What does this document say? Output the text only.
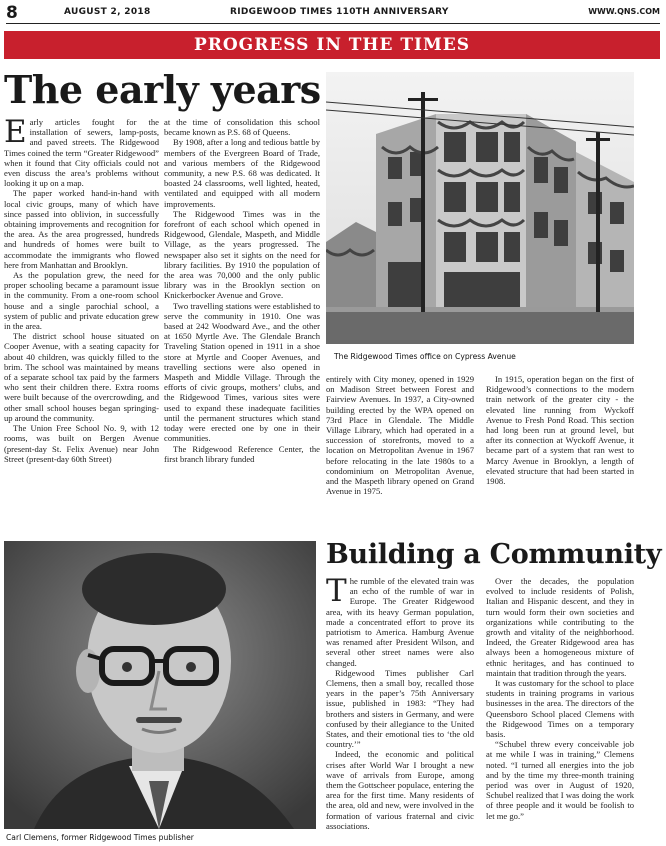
8	AUGUST 2, 2018	RIDGEWOOD TIMES 110TH ANNIVERSARY	WWW.QNS.COM
PROGRESS IN THE TIMES
The early years

Early articles fought for the installation of sewers, lamp-posts, and paved streets. The Ridgewood Times coined the term “Greater Ridgewood” when it found that City officials could not even discuss the area’s problems without looking it up on a map.

The paper worked hand-in-hand with local civic groups, many of which have since passed into oblivion, in successfully obtaining improvements and recognition for the area. As the area progressed, hundreds and hundreds of homes were built to accommodate the immigrants who flowed here from Manhattan and Brooklyn.

As the population grew, the need for proper schooling became a paramount issue in the community. From a one-room school house and a single parochial school, a system of public and private education grew in the area.

The district school house situated on Cooper Avenue, with a seating capacity for about 40 children, was quickly filled to the brim. The school was maintained by means of a separate school tax paid by the farmers who sent their children there. Extra rooms were built because of the overcrowding, and other small school houses began springing-up around the community.

The Union Free School No. 9, with 12 rooms, was built on Bergen Avenue (present-day St. Felix Avenue) near John Street (present-day 60th Street)

at the time of consolidation this school became known as P.S. 68 of Queens.

By 1908, after a long and tedious battle by members of the Evergreen Board of Trade, and various members of the Ridgewood community, a new P.S. 68 was dedicated. It boasted 24 classrooms, well lighted, heated, ventilated and equipped with all modern improvements.

The Ridgewood Times was in the forefront of each school which opened in Ridgewood, Glendale, Maspeth, and Middle Village, as the years progressed. The newspaper also set it sights on the need for library facilities. By 1910 the population of the area was 70,000 and the only public library was in the Brooklyn section on Knickerbocker Avenue and Grove.

Two travelling stations were established to serve the community in 1910. One was based at 242 Woodward Ave., and the other at 1650 Myrtle Ave. The Glendale Branch Traveling Station opened in 1911 in a shoe store at Myrtle and Cooper Avenues, and travelling sections were also opened in Maspeth and Middle Village. Through the efforts of civic groups, mothers’ clubs, and the Ridgewood Times, various sites were used to expand these inadequate facilities until the permanent structures which stand today were erected one by one in their communities.

The Ridgewood Reference Center, the first branch library funded

The Ridgewood Times office on Cypress Avenue

entirely with City money, opened in 1929 on Madison Street between Forest and Fairview Avenues. In 1937, a City-owned building erected by the WPA opened on 73rd Place in Glendale. The Middle Village Library, which had operated in a succession of storefronts, moved to a location on Metropolitan Avenue in 1967 before relocating in the late 1980s to a condominium on Metropolitan Avenue, and the Maspeth library opened on Grand Avenue in 1975.

In 1915, operation began on the first of Ridgewood’s connections to the modern train network of the greater city - the elevated line running from Wyckoff Avenue to Fresh Pond Road. This section had long been run at ground level, but after its connection at Wyckoff Avenue, it became part of a system that ran west to Marcy Avenue in Brooklyn, a length of elevated structure that had been started in 1908.

Carl Clemens, former Ridgewood Times publisher
Building a Community

The rumble of the elevated train was an echo of the rumble of war in Europe. The Greater Ridgewood area, with its heavy German population, made a concentrated effort to prove its patriotism to America. Hamburg Avenue was renamed after President Wilson, and several other street names were also changed.

Ridgewood Times publisher Carl Clemens, then a small boy, recalled those years in the paper’s 75th Anniversary issue, published in 1983: “They had brothers and sisters in Germany, and were confused by their allegiance to the United States, and their emotional ties to ‘the old country.’”

Indeed, the economic and political crises after World War I brought a new wave of arrivals from Europe, among them the Gottscheer populace, entering the area for the first time. Many residents of the area, old and new, were involved in the formation of various fraternal and civic associations.

Over the decades, the population evolved to include residents of Polish, Italian and Hispanic descent, and they in turn would form their own societies and organizations while contributing to the growth and vitality of the neighborhood. Indeed, the Greater Ridgewood area has always been a homogeneous mixture of ethnic heritages, and has continued to maintain that tradition through the years.

It was customary for the school to place students in training programs in various businesses in the area. The directors of the Queensboro School placed Clemens with the Ridgewood Times on a temporary basis.

“Schubel threw every conceivable job at me while I was in training,” Clemens noted. “I turned all energies into the job and by the time my three-month training period was over in August of 1920, Schubel realized that I was doing the work of three people and it would be foolish to let me go.”
